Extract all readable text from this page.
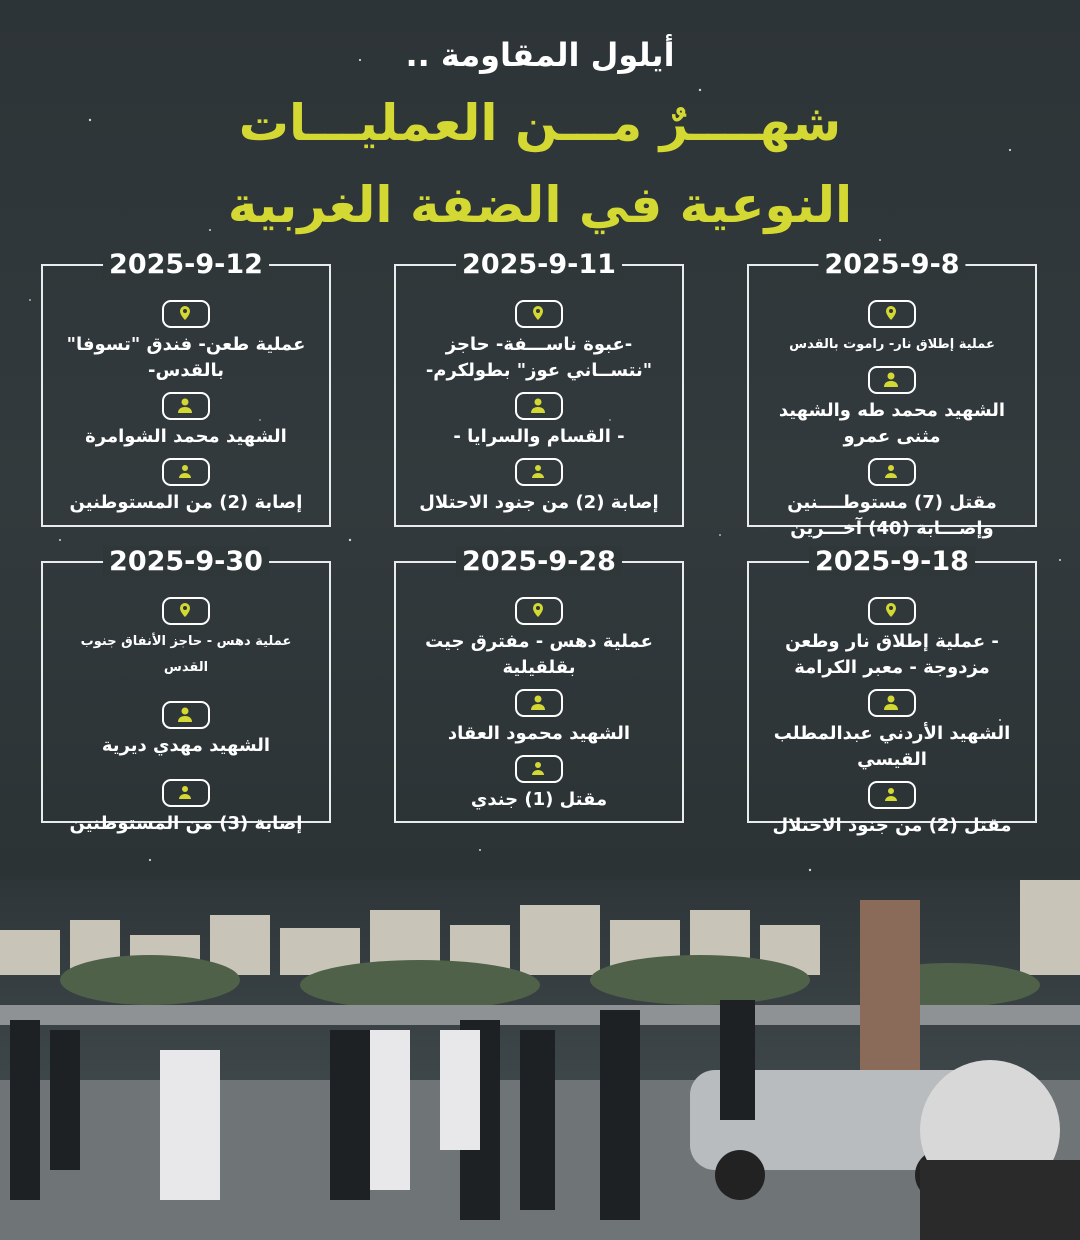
أيلول المقاومة ..
شهــــرٌ مـــن العمليـــات
النوعية في الضفة الغربية
2025-9-8
عملية إطلاق نار- راموت بالقدس
الشهيد محمد طه والشهيد مثنى عمرو
مقتل (7) مستوطــــنين وإصـــابة (40) آخـــرين
2025-9-11
-عبوة ناســـفة- حاجز "نتســاني عوز" بطولكرم-
- القسام والسرايا -
إصابة (2) من جنود الاحتلال
2025-9-12
عملية طعن- فندق "تسوفا" بالقدس-
الشهيد محمد الشوامرة
إصابة (2) من المستوطنين
2025-9-18
- عملية إطلاق نار وطعن مزدوجة - معبر الكرامة
الشهيد الأردني عبدالمطلب القيسي
مقتل (2) من جنود الاحتلال
2025-9-28
عملية دهس - مفترق جيت بقلقيلية
الشهيد محمود العقاد
مقتل (1) جندي
2025-9-30
عملية دهس - حاجز الأنفاق جنوب القدس
الشهيد مهدي ديرية
إصابة (3) من المستوطنين
